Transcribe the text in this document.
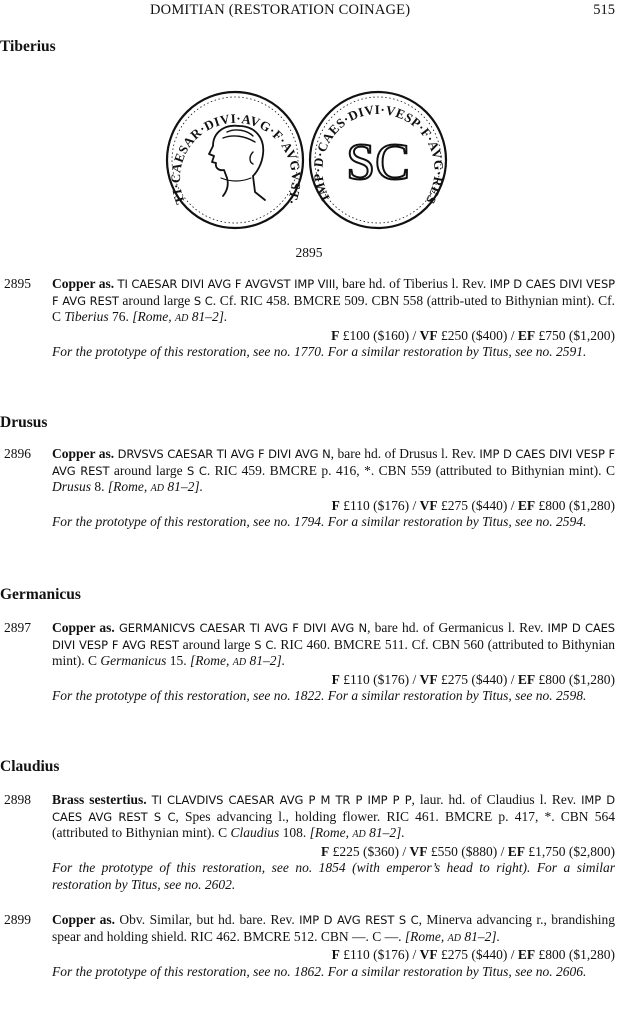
DOMITIAN (RESTORATION COINAGE)	515
Tiberius
TI·CAESAR·DIVI·AVG·F·AVGVST·	IMP·D·CAES·DIVI·VESP·F·AVG·RES
SC
2895
2895 Copper as. TI CAESAR DIVI AVG F AVGVST IMP VIII, bare hd. of Tiberius l. Rev. IMP D CAES DIVI VESP F AVG REST around large S C. Cf. RIC 458. BMCRE 509. CBN 558 (attrib-uted to Bithynian mint). Cf. C Tiberius 76. [Rome, AD 81–2].

F £100 ($160) / VF £250 ($400) / EF £750 ($1,200)

For the prototype of this restoration, see no. 1770. For a similar restoration by Titus, see no. 2591.

Drusus
2896 Copper as. DRVSVS CAESAR TI AVG F DIVI AVG N, bare hd. of Drusus l. Rev. IMP D CAES DIVI VESP F AVG REST around large S C. RIC 459. BMCRE p. 416, *. CBN 559 (attributed to Bithynian mint). C Drusus 8. [Rome, AD 81–2].

F £110 ($176) / VF £275 ($440) / EF £800 ($1,280)

For the prototype of this restoration, see no. 1794. For a similar restoration by Titus, see no. 2594.

Germanicus
2897 Copper as. GERMANICVS CAESAR TI AVG F DIVI AVG N, bare hd. of Germanicus l. Rev. IMP D CAES DIVI VESP F AVG REST around large S C. RIC 460. BMCRE 511. Cf. CBN 560 (attributed to Bithynian mint). C Germanicus 15. [Rome, AD 81–2].

F £110 ($176) / VF £275 ($440) / EF £800 ($1,280)

For the prototype of this restoration, see no. 1822. For a similar restoration by Titus, see no. 2598.

Claudius
2898 Brass sestertius. TI CLAVDIVS CAESAR AVG P M TR P IMP P P, laur. hd. of Claudius l. Rev. IMP D CAES AVG REST S C, Spes advancing l., holding flower. RIC 461. BMCRE p. 417, *. CBN 564 (attributed to Bithynian mint). C Claudius 108. [Rome, AD 81–2].

F £225 ($360) / VF £550 ($880) / EF £1,750 ($2,800)

For the prototype of this restoration, see no. 1854 (with emperor’s head to right). For a similar restoration by Titus, see no. 2602.

2899 Copper as. Obv. Similar, but hd. bare. Rev. IMP D AVG REST S C, Minerva advancing r., brandishing spear and holding shield. RIC 462. BMCRE 512. CBN —. C —. [Rome, AD 81–2].

F £110 ($176) / VF £275 ($440) / EF £800 ($1,280)

For the prototype of this restoration, see no. 1862. For a similar restoration by Titus, see no. 2606.
